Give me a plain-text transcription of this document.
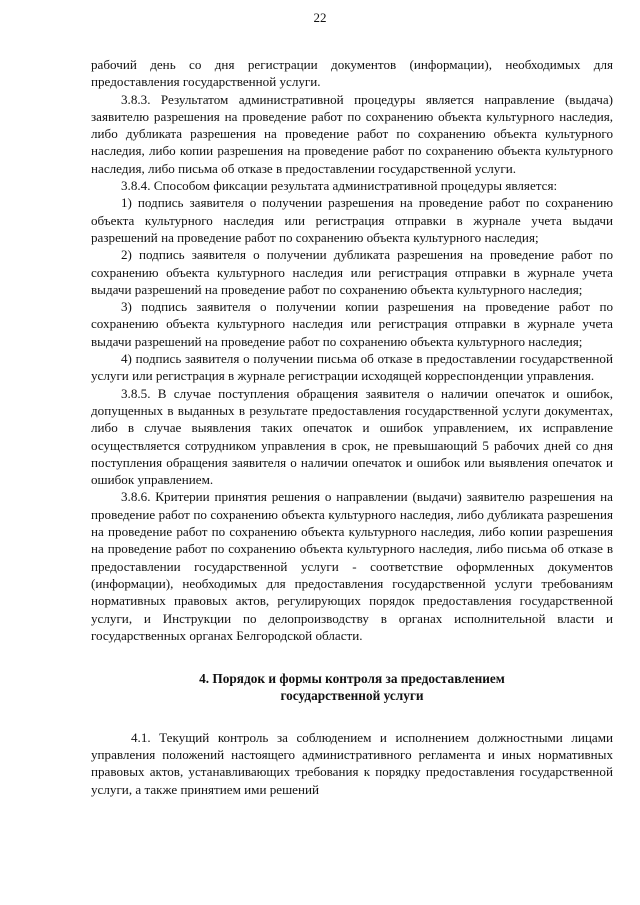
22

рабочий день со дня регистрации документов (информации), необходимых для предоставления государственной услуги.

3.8.3. Результатом административной процедуры является направление (выдача) заявителю разрешения на проведение работ по сохранению объекта культурного наследия, либо дубликата разрешения на проведение работ по сохранению объекта культурного наследия, либо копии разрешения на проведение работ по сохранению объекта культурного наследия, либо письма об отказе в предоставлении государственной услуги.

3.8.4. Способом фиксации результата административной процедуры является:

1) подпись заявителя о получении разрешения на проведение работ по сохранению объекта культурного наследия или регистрация отправки в журнале учета выдачи разрешений на проведение работ по сохранению объекта культурного наследия;

2) подпись заявителя о получении дубликата разрешения на проведение работ по сохранению объекта культурного наследия или регистрация отправки в журнале учета выдачи разрешений на проведение работ по сохранению объекта культурного наследия;

3) подпись заявителя о получении копии разрешения на проведение работ по сохранению объекта культурного наследия или регистрация отправки в журнале учета выдачи разрешений на проведение работ по сохранению объекта культурного наследия;

4) подпись заявителя о получении письма об отказе в предоставлении государственной услуги или регистрация в журнале регистрации исходящей корреспонденции управления.

3.8.5. В случае поступления обращения заявителя о наличии опечаток и ошибок, допущенных в выданных в результате предоставления государственной услуги документах, либо в случае выявления таких опечаток и ошибок управлением, их исправление осуществляется сотрудником управления в срок, не превышающий 5 рабочих дней со дня поступления обращения заявителя о наличии опечаток и ошибок или выявления опечаток и ошибок управлением.

3.8.6. Критерии принятия решения о направлении (выдачи) заявителю разрешения на проведение работ по сохранению объекта культурного наследия, либо дубликата разрешения на проведение работ по сохранению объекта культурного наследия, либо копии разрешения на проведение работ по сохранению объекта культурного наследия, либо письма об отказе в предоставлении государственной услуги - соответствие оформленных документов (информации), необходимых для предоставления государственной услуги требованиям нормативных правовых актов, регулирующих порядок предоставления государственной услуги, и Инструкции по делопроизводству в органах исполнительной власти и государственных органах Белгородской области.

4. Порядок и формы контроля за предоставлением

государственной услуги

4.1. Текущий контроль за соблюдением и исполнением должностными лицами управления положений настоящего административного регламента и иных нормативных правовых актов, устанавливающих требования к порядку предоставления государственной услуги, а также принятием ими решений
